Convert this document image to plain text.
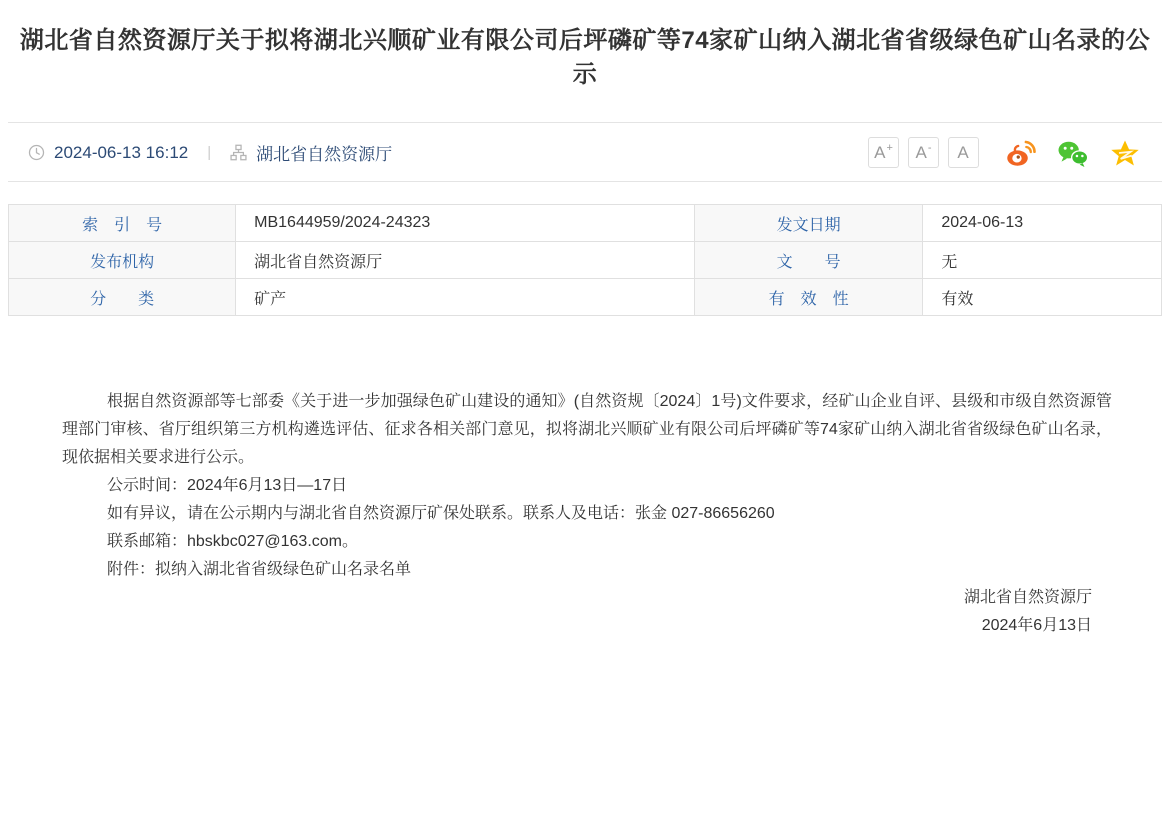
湖北省自然资源厅关于拟将湖北兴顺矿业有限公司后坪磷矿等74家矿山纳入湖北省省级绿色矿山名录的公示
2024-06-13 16:12 |	湖北省自然资源厅	A + A - A
索　引　号	MB1644959/2024-24323	发文日期	2024-06-13
发布机构	湖北省自然资源厅	文　　号	无
分　　类	矿产	有　效　性	有效

根据自然资源部等七部委《关于进一步加强绿色矿山建设的通知》(自然资规〔2024〕1号)文件要求，经矿山企业自评、县级和市级自然资源管理部门审核、省厅组织第三方机构遴选评估、征求各相关部门意见，拟将湖北兴顺矿业有限公司后坪磷矿等74家矿山纳入湖北省省级绿色矿山名录，现依据相关要求进行公示。

公示时间：2024年6月13日—17日

如有异议，请在公示期内与湖北省自然资源厅矿保处联系。联系人及电话：张金 027-86656260

联系邮箱：hbskbc027@163.com。

附件：拟纳入湖北省省级绿色矿山名录名单

湖北省自然资源厅

2024年6月13日
